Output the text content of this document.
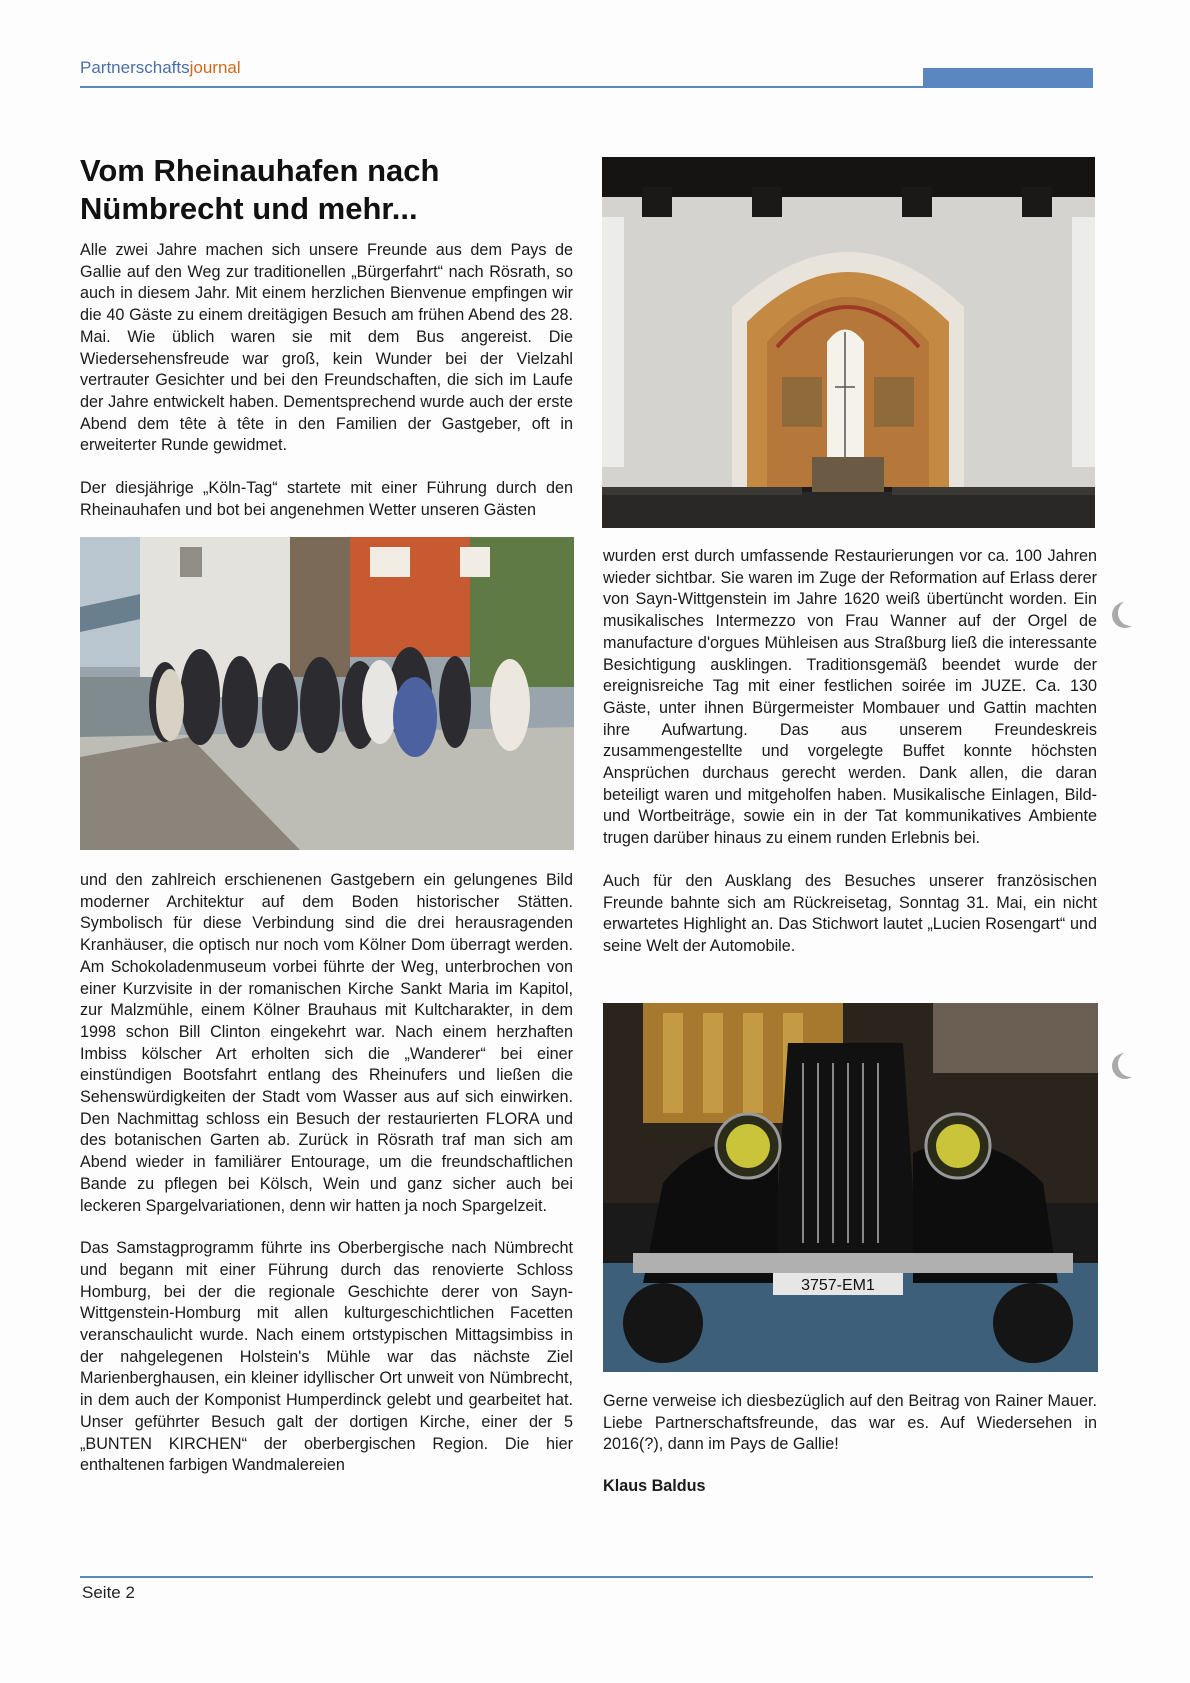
Partnerschaftsjournal
Vom Rheinauhafen nach Nümbrecht und mehr...

Alle zwei Jahre machen sich unsere Freunde aus dem Pays de Gallie auf den Weg zur traditionellen „Bürgerfahrt“ nach Rösrath, so auch in diesem Jahr. Mit einem herzlichen Bienvenue empfingen wir die 40 Gäste zu einem dreitägigen Besuch am frühen Abend des 28. Mai. Wie üblich waren sie mit dem Bus angereist. Die Wiedersehensfreude war groß, kein Wunder bei der Vielzahl vertrauter Gesichter und bei den Freundschaften, die sich im Laufe der Jahre entwickelt haben. Dementsprechend wurde auch der erste Abend dem tête à tête in den Familien der Gastgeber, oft in erweiterter Runde gewidmet.

Der diesjährige „Köln-Tag“ startete mit einer Führung durch den Rheinauhafen und bot bei angenehmen Wetter unseren Gästen

und den zahlreich erschienenen Gastgebern ein gelungenes Bild moderner Architektur auf dem Boden historischer Stätten. Symbolisch für diese Verbindung sind die drei herausragenden Kranhäuser, die optisch nur noch vom Kölner Dom überragt werden. Am Schokoladenmuseum vorbei führte der Weg, unterbrochen von einer Kurzvisite in der romanischen Kirche Sankt Maria im Kapitol, zur Malzmühle, einem Kölner Brauhaus mit Kultcharakter, in dem 1998 schon Bill Clinton eingekehrt war. Nach einem herzhaften Imbiss kölscher Art erholten sich die „Wanderer“ bei einer einstündigen Bootsfahrt entlang des Rheinufers und ließen die Sehenswürdigkeiten der Stadt vom Wasser aus auf sich einwirken. Den Nachmittag schloss ein Besuch der restaurierten FLORA und des botanischen Garten ab. Zurück in Rösrath traf man sich am Abend wieder in familiärer Entourage, um die freundschaftlichen Bande zu pflegen bei Kölsch, Wein und ganz sicher auch bei leckeren Spargelvariationen, denn wir hatten ja noch Spargelzeit.

Das Samstagprogramm führte ins Oberbergische nach Nümbrecht und begann mit einer Führung durch das renovierte Schloss Homburg, bei der die regionale Geschichte derer von Sayn-Wittgenstein-Homburg mit allen kulturgeschichtlichen Facetten veranschaulicht wurde. Nach einem ortstypischen Mittagsimbiss in der nahgelegenen Holstein's Mühle war das nächste Ziel Marienberghausen, ein kleiner idyllischer Ort unweit von Nümbrecht, in dem auch der Komponist Humperdinck gelebt und gearbeitet hat. Unser geführter Besuch galt der dortigen Kirche, einer der 5 „BUNTEN KIRCHEN“ der oberbergischen Region. Die hier enthaltenen farbigen Wandmalereien

wurden erst durch umfassende Restaurierungen vor ca. 100 Jahren wieder sichtbar. Sie waren im Zuge der Reformation auf Erlass derer von Sayn-Wittgenstein im Jahre 1620 weiß übertüncht worden. Ein musikalisches Intermezzo von Frau Wanner auf der Orgel de manufacture d'orgues Mühleisen aus Straßburg ließ die interessante Besichtigung ausklingen. Traditionsgemäß beendet wurde der ereignisreiche Tag mit einer festlichen soirée im JUZE. Ca. 130 Gäste, unter ihnen Bürgermeister Mombauer und Gattin machten ihre Aufwartung. Das aus unserem Freundeskreis zusammengestellte und vorgelegte Buffet konnte höchsten Ansprüchen durchaus gerecht werden. Dank allen, die daran beteiligt waren und mitgeholfen haben. Musikalische Einlagen, Bild- und Wortbeiträge, sowie ein in der Tat kommunikatives Ambiente trugen darüber hinaus zu einem runden Erlebnis bei.

Auch für den Ausklang des Besuches unserer französischen Freunde bahnte sich am Rückreisetag, Sonntag 31. Mai, ein nicht erwartetes Highlight an. Das Stichwort lautet „Lucien Rosengart“ und seine Welt der Automobile.

3757-EM1

Gerne verweise ich diesbezüglich auf den Beitrag von Rainer Mauer. Liebe Partnerschaftsfreunde, das war es. Auf Wiedersehen in 2016(?), dann im Pays de Gallie!

Klaus Baldus
Seite 2
